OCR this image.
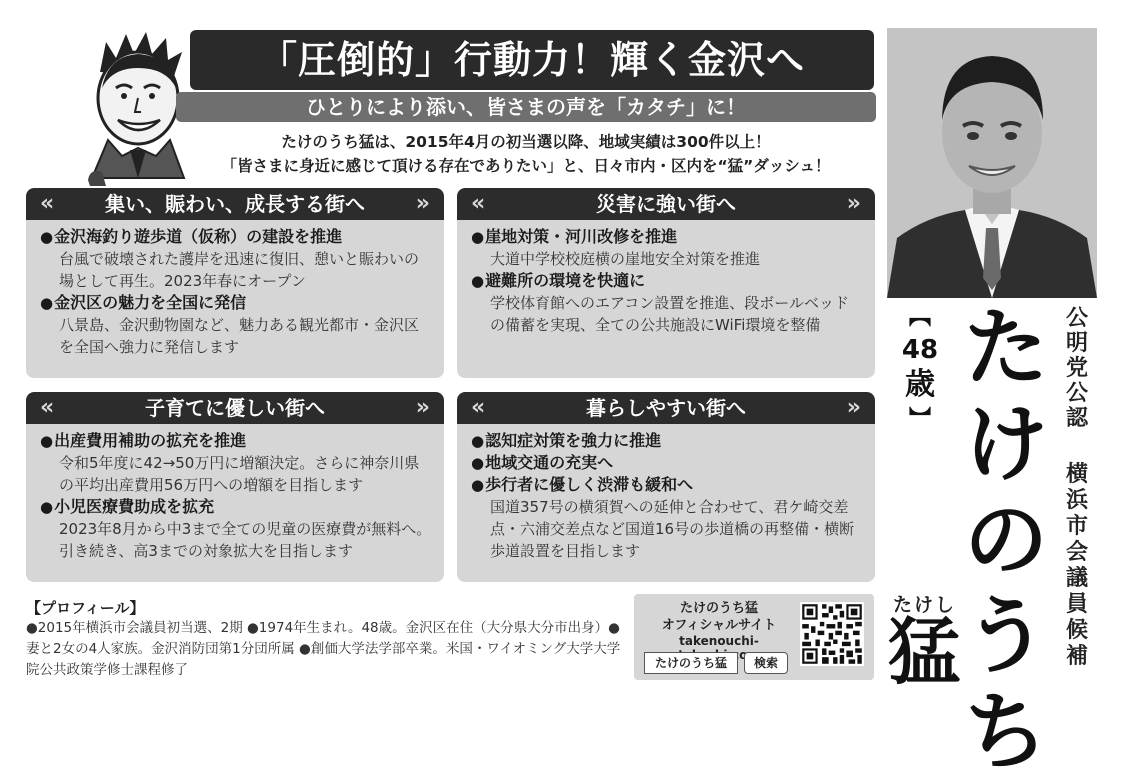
「圧倒的」行動力！輝く金沢へ
ひとりにより添い、皆さまの声を「カタチ」に！
たけのうち猛は、2015年4月の初当選以降、地域実績は300件以上！
「皆さまに身近に感じて頂ける存在でありたい」と、日々市内・区内を“猛”ダッシュ！
«	集い、賑わい、成長する街へ	»
●金沢海釣り遊歩道（仮称）の建設を推進
台風で破壊された護岸を迅速に復旧、憩いと賑わいの場として再生。2023年春にオープン
●金沢区の魅力を全国に発信
八景島、金沢動物園など、魅力ある観光都市・金沢区を全国へ強力に発信します
«	災害に強い街へ	»
●崖地対策・河川改修を推進
大道中学校校庭横の崖地安全対策を推進
●避難所の環境を快適に
学校体育館へのエアコン設置を推進、段ボールベッドの備蓄を実現、全ての公共施設にWiFi環境を整備
«	子育てに優しい街へ	»
●出産費用補助の拡充を推進
令和5年度に42→50万円に増額決定。さらに神奈川県の平均出産費用56万円への増額を目指します
●小児医療費助成を拡充
2023年8月から中3まで全ての児童の医療費が無料へ。引き続き、高3までの対象拡大を目指します
«	暮らしやすい街へ	»
●認知症対策を強力に推進
●地域交通の充実へ
●歩行者に優しく渋滞も緩和へ
国道357号の横須賀への延伸と合わせて、君ケ崎交差点・六浦交差点など国道16号の歩道橋の再整備・横断歩道設置を目指します
︻
48
歳
︼
公
明
党
公
認
横
浜
市
会
議
員
候
補
た
け
の
う
ち
たけし
猛
【プロフィール】
●2015年横浜市会議員初当選、2期 ●1974年生まれ。48歳。金沢区在住（大分県大分市出身）●妻と2女の4人家族。金沢消防団第1分団所属 ●創価大学法学部卒業。米国・ワイオミング大学大学院公共政策学修士課程修了
たけのうち猛
オフィシャルサイト
takenouchi-
たけのうち猛	検索
